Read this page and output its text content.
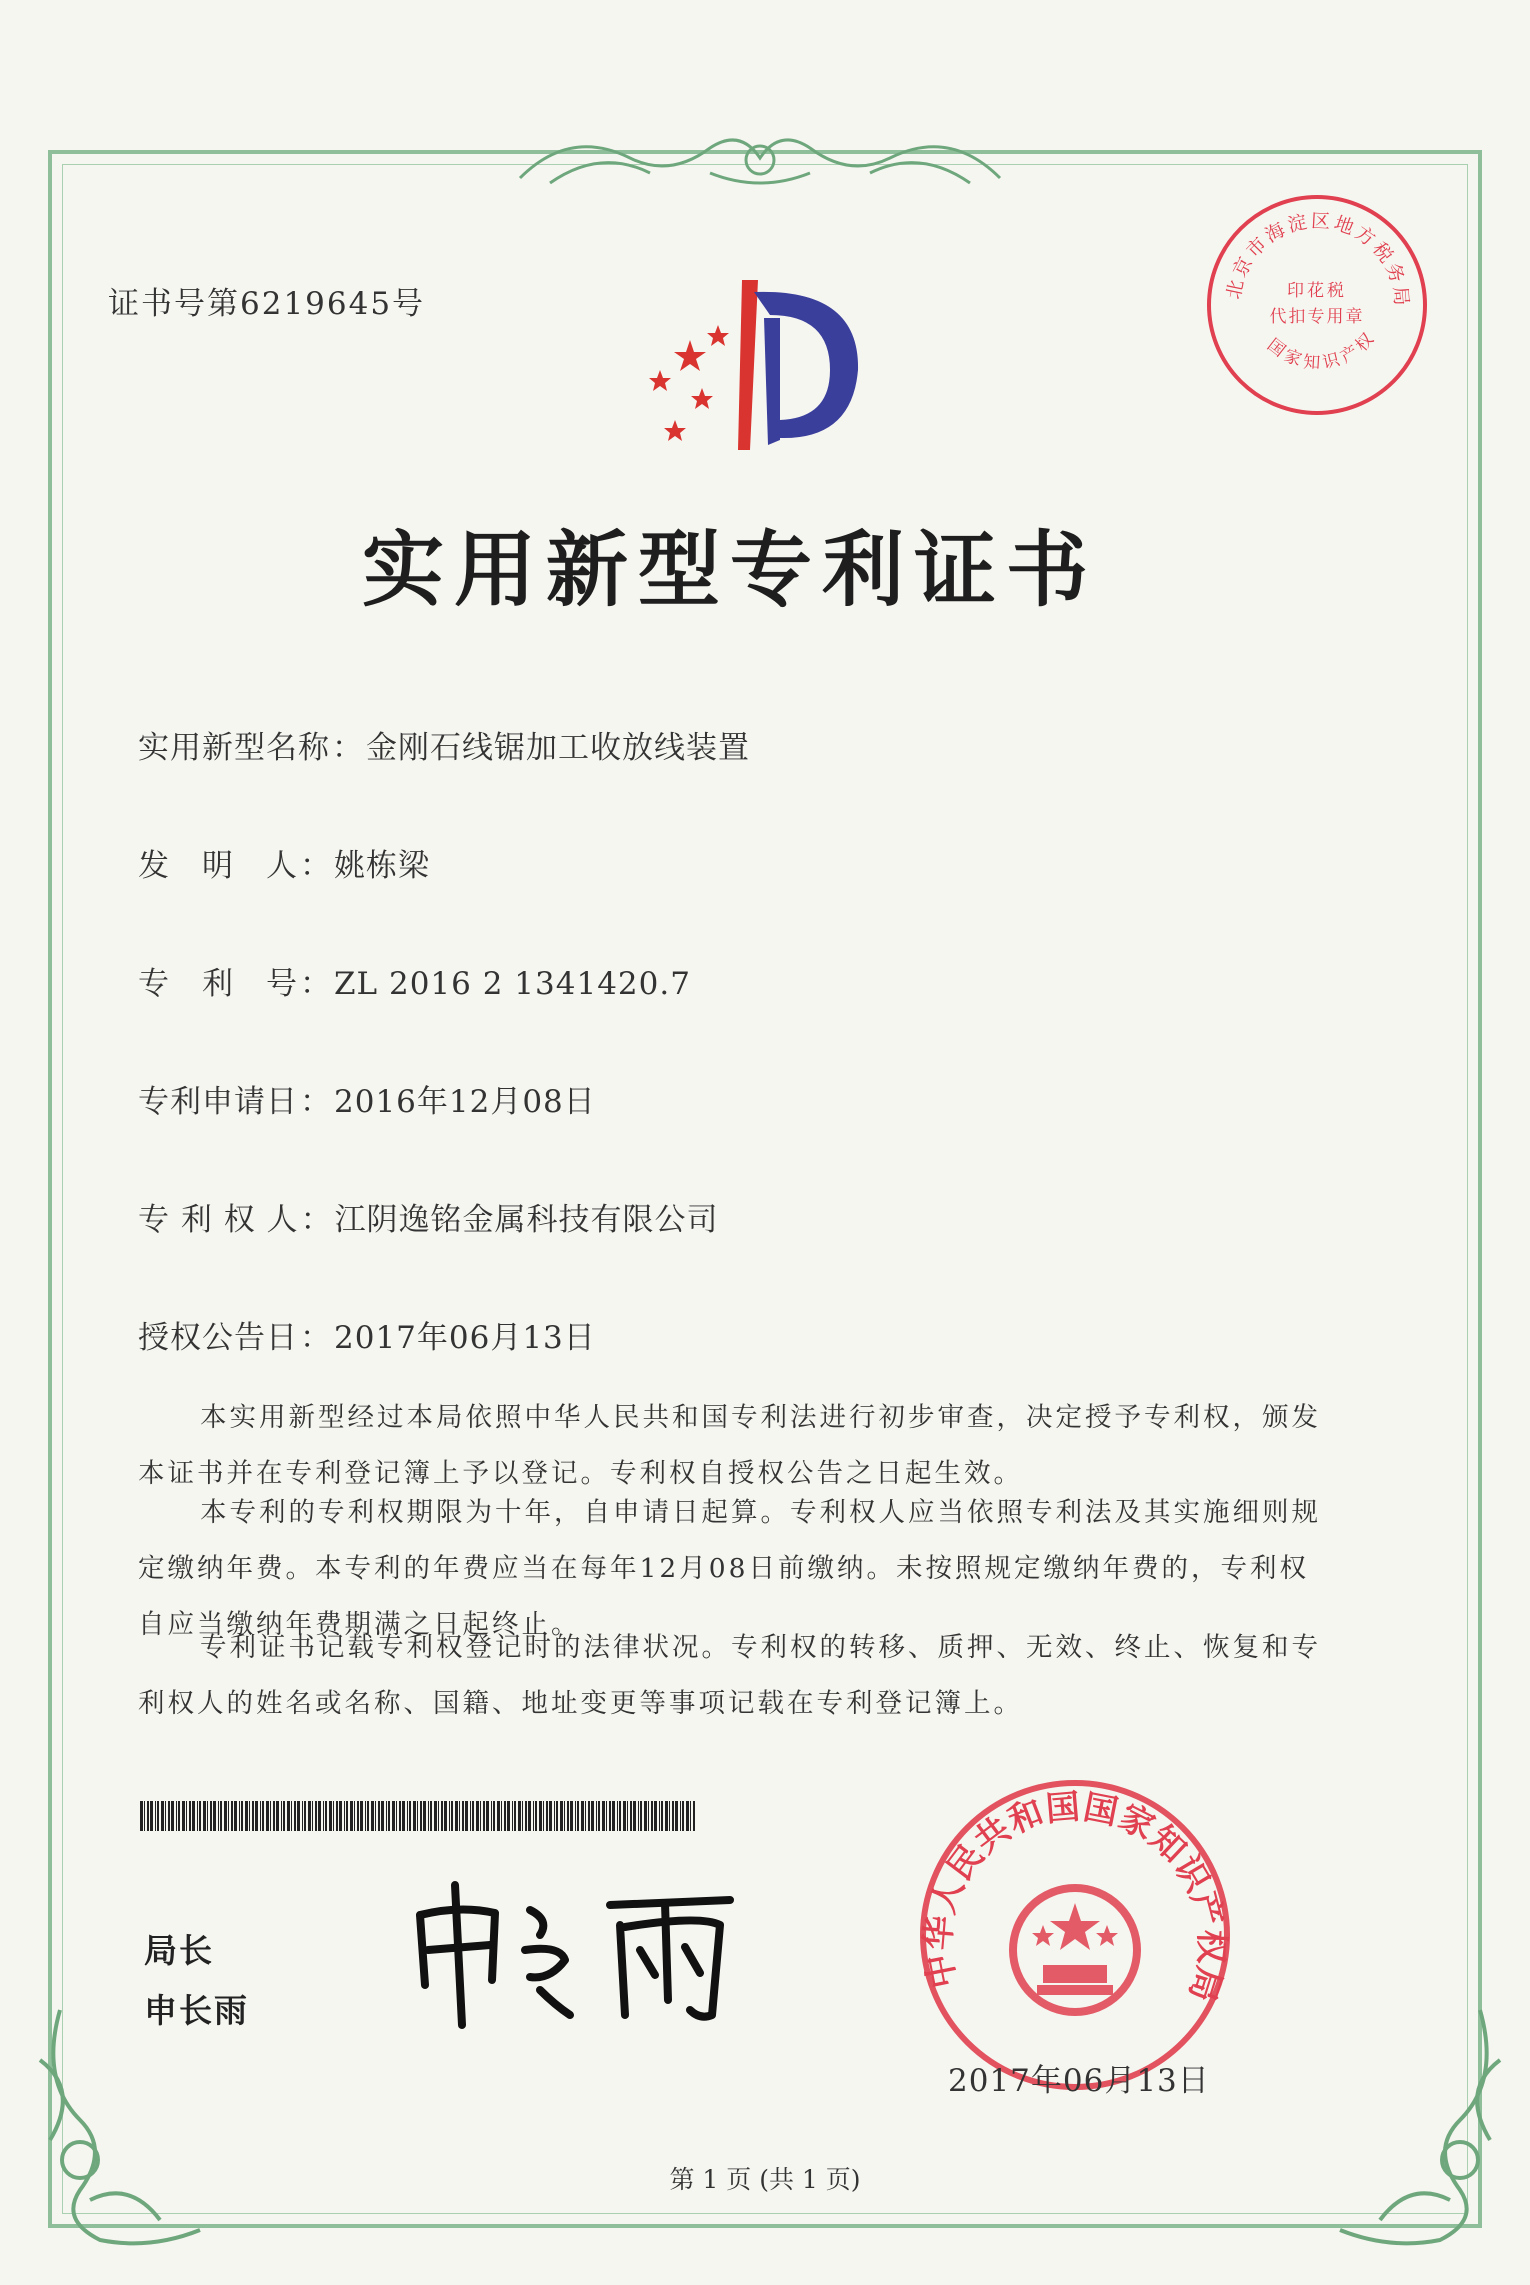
证书号第6219645号	北京市海淀区地方税务局
印花税
代扣专用章
国家知识产权
实用新型专利证书
实用新型名称：金刚石线锯加工收放线装置
发　明　人：姚栋梁
专　利　号：ZL 2016 2 1341420.7
专利申请日：2016年12月08日
专 利 权 人：江阴逸铭金属科技有限公司
授权公告日：2017年06月13日

本实用新型经过本局依照中华人民共和国专利法进行初步审查，决定授予专利权，颁发本证书并在专利登记簿上予以登记。专利权自授权公告之日起生效。

本专利的专利权期限为十年，自申请日起算。专利权人应当依照专利法及其实施细则规定缴纳年费。本专利的年费应当在每年12月08日前缴纳。未按照规定缴纳年费的，专利权自应当缴纳年费期满之日起终止。

专利证书记载专利权登记时的法律状况。专利权的转移、质押、无效、终止、恢复和专利权人的姓名或名称、国籍、地址变更等事项记载在专利登记簿上。

局长
申长雨
中华人民共和国国家知识产权局
2017年06月13日
第 1 页 (共 1 页)
